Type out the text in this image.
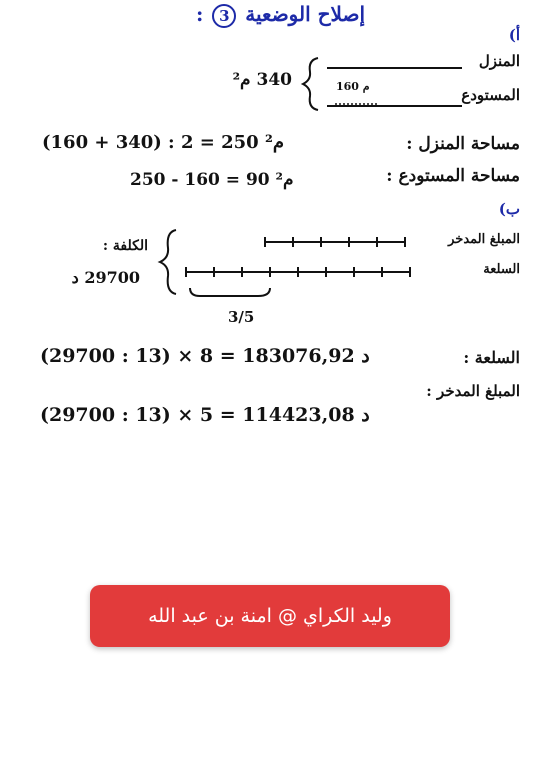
إصلاح الوضعية 3 :
أ)
المنزل
المستودع
160 م
340 م²
مساحة المنزل :
(160 + 340) : 2 = 250 م²
مساحة المستودع :
250 - 160 = 90 م²
ب)
المبلغ المدخر
السلعة
الكلفة :
29700 د
3/5
السلعة :
(29700 : 13) × 8 = 183076,92 د
المبلغ المدخر :
(29700 : 13) × 5 = 114423,08 د
وليد الكراي @ امنة بن عبد الله
